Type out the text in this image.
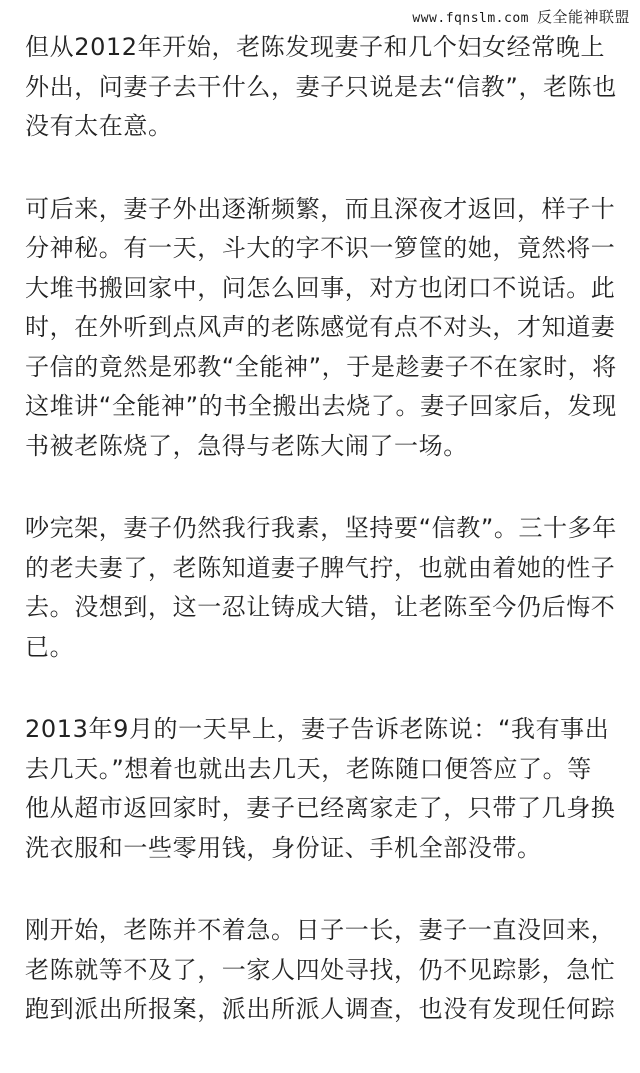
www.fqnslm.com 反全能神联盟

但从2012年开始，老陈发现妻子和几个妇女经常晚上
外出，问妻子去干什么，妻子只说是去“信教”，老陈也
没有太在意。

可后来，妻子外出逐渐频繁，而且深夜才返回，样子十
分神秘。有一天，斗大的字不识一箩筐的她，竟然将一
大堆书搬回家中，问怎么回事，对方也闭口不说话。此
时，在外听到点风声的老陈感觉有点不对头，才知道妻
子信的竟然是邪教“全能神”，于是趁妻子不在家时，将
这堆讲“全能神”的书全搬出去烧了。妻子回家后，发现
书被老陈烧了，急得与老陈大闹了一场。

吵完架，妻子仍然我行我素，坚持要“信教”。三十多年
的老夫妻了，老陈知道妻子脾气拧，也就由着她的性子
去。没想到，这一忍让铸成大错，让老陈至今仍后悔不
已。

2013年9月的一天早上，妻子告诉老陈说：“我有事出
去几天。”想着也就出去几天，老陈随口便答应了。等
他从超市返回家时，妻子已经离家走了，只带了几身换
洗衣服和一些零用钱，身份证、手机全部没带。

刚开始，老陈并不着急。日子一长，妻子一直没回来，
老陈就等不及了，一家人四处寻找，仍不见踪影，急忙
跑到派出所报案，派出所派人调查，也没有发现任何踪
